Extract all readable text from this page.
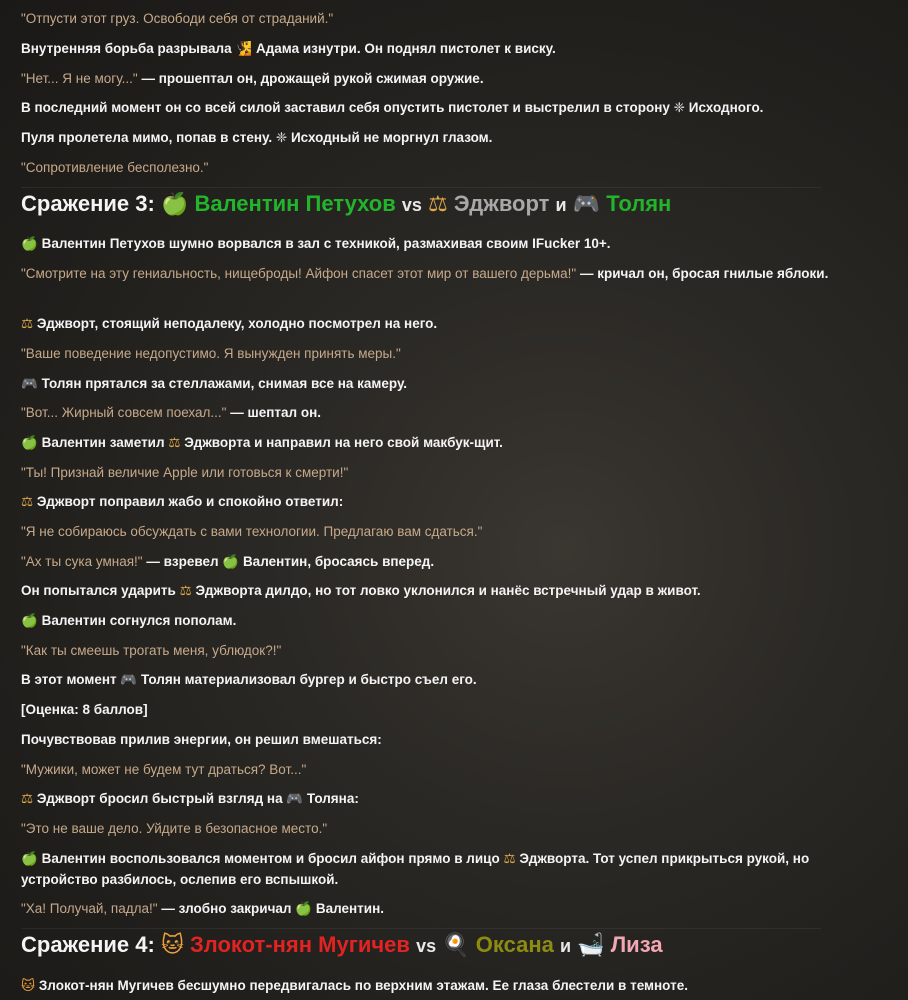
"Отпусти этот груз. Освободи себя от страданий."
Внутренняя борьба разрывала 🧏 Адама изнутри. Он поднял пистолет к виску.
"Нет... Я не могу..." — прошептал он, дрожащей рукой сжимая оружие.
В последний момент он со всей силой заставил себя опустить пистолет и выстрелил в сторону ❈ Исходного.
Пуля пролетела мимо, попав в стену. ❈ Исходный не моргнул глазом.
"Сопротивление бесполезно."
Сражение 3: 🍏 Валентин Петухов vs ⚖ Эджворт и 🎮 Толян
🍏 Валентин Петухов шумно ворвался в зал с техникой, размахивая своим IFucker 10+.
"Смотрите на эту гениальность, нищеброды! Айфон спасет этот мир от вашего дерьма!" — кричал он, бросая гнилые яблоки.
⚖ Эджворт, стоящий неподалеку, холодно посмотрел на него.
"Ваше поведение недопустимо. Я вынужден принять меры."
🎮 Толян прятался за стеллажами, снимая все на камеру.
"Вот... Жирный совсем поехал..." — шептал он.
🍏 Валентин заметил ⚖ Эджворта и направил на него свой макбук-щит.
"Ты! Признай величие Apple или готовься к смерти!"
⚖ Эджворт поправил жабо и спокойно ответил:
"Я не собираюсь обсуждать с вами технологии. Предлагаю вам сдаться."
"Ах ты сука умная!" — взревел 🍏 Валентин, бросаясь вперед.
Он попытался ударить ⚖ Эджворта дилдо, но тот ловко уклонился и нанёс встречный удар в живот.
🍏 Валентин согнулся пополам.
"Как ты смеешь трогать меня, ублюдок?!"
В этот момент 🎮 Толян материализовал бургер и быстро съел его.
[Оценка: 8 баллов]
Почувствовав прилив энергии, он решил вмешаться:
"Мужики, может не будем тут драться? Вот..."
⚖ Эджворт бросил быстрый взгляд на 🎮 Толяна:
"Это не ваше дело. Уйдите в безопасное место."
🍏 Валентин воспользовался моментом и бросил айфон прямо в лицо ⚖ Эджворта. Тот успел прикрыться рукой, но устройство разбилось, ослепив его вспышкой.
"Ха! Получай, падла!" — злобно закричал 🍏 Валентин.
Сражение 4: 🐱 Злокот-нян Мугичев vs 🍳 Оксана и 🛁 Лиза
🐱 Злокот-нян Мугичев бесшумно передвигалась по верхним этажам. Ее глаза блестели в темноте.
